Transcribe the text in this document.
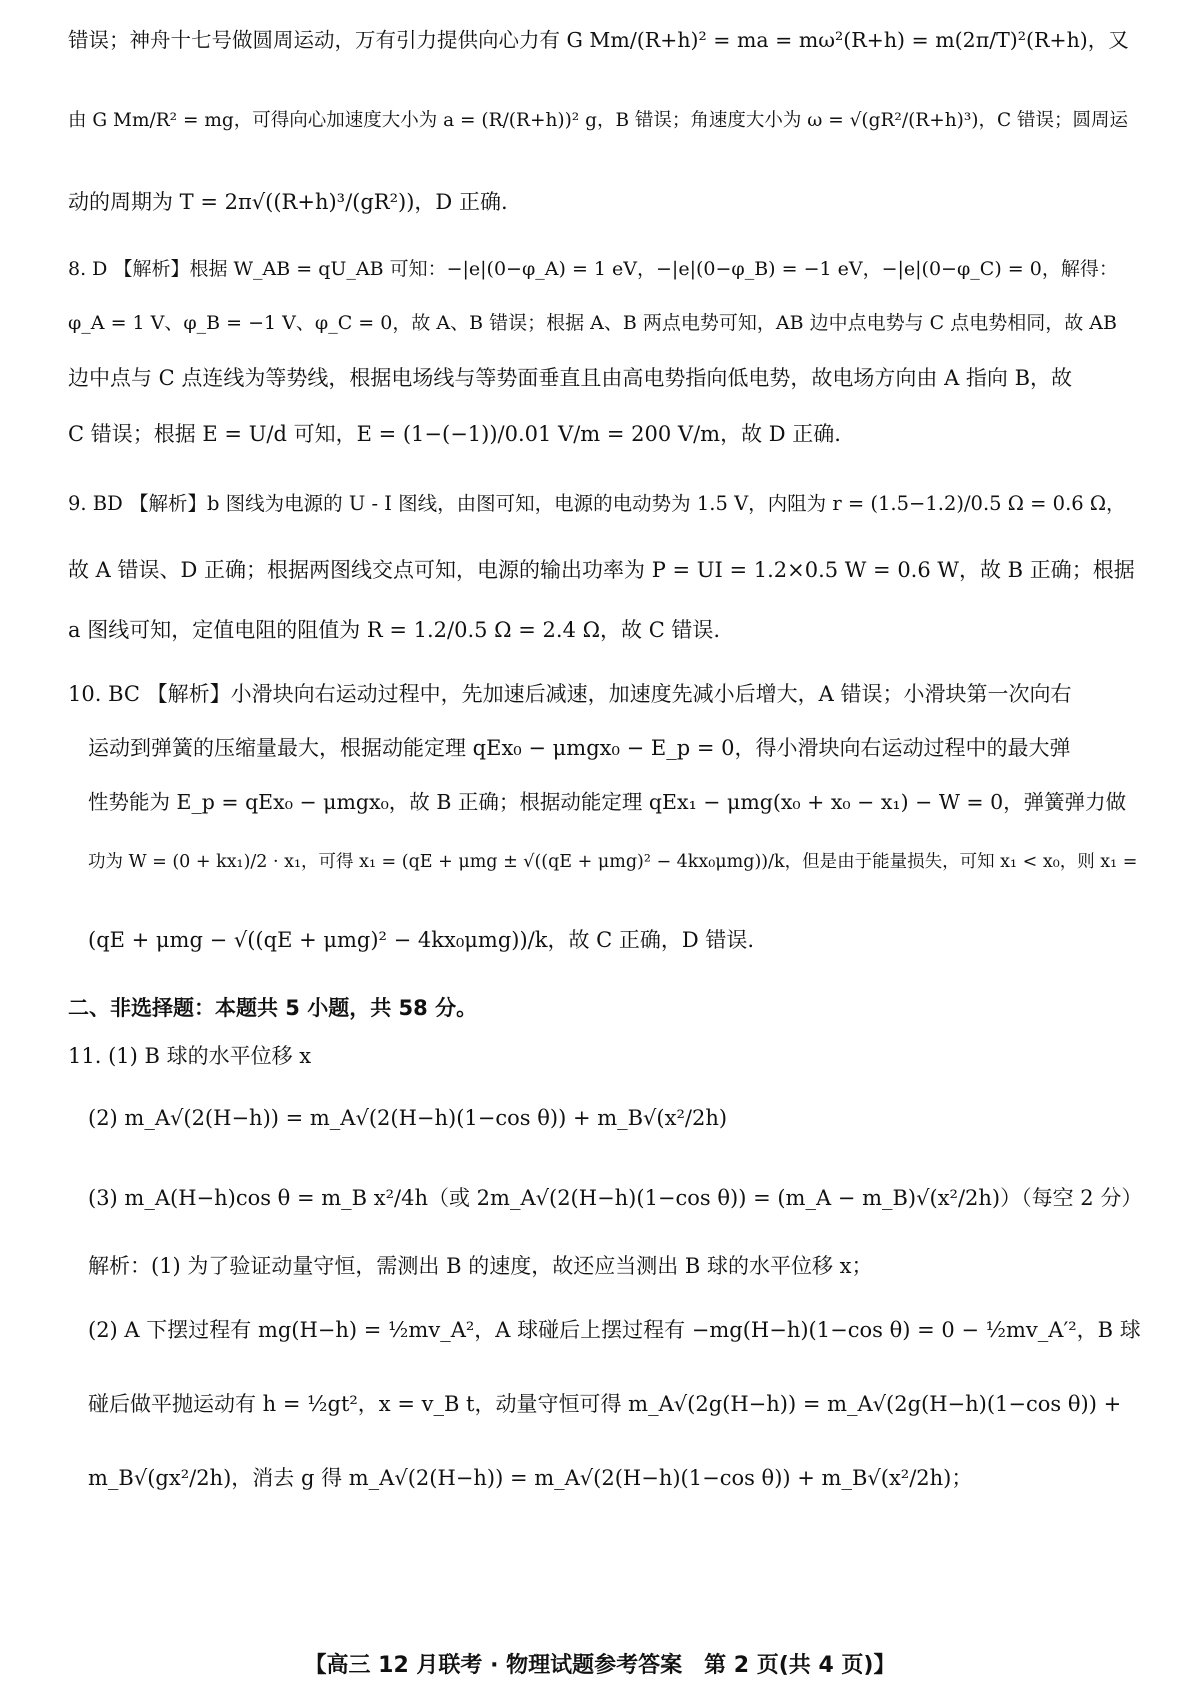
错误；神舟十七号做圆周运动，万有引力提供向心力有 G Mm/(R+h)² = ma = mω²(R+h) = m(2π/T)²(R+h)，又
由 G Mm/R² = mg，可得向心加速度大小为 a = (R/(R+h))² g，B 错误；角速度大小为 ω = √(gR²/(R+h)³)，C 错误；圆周运
动的周期为 T = 2π√((R+h)³/(gR²))，D 正确.
8. D 【解析】根据 W_AB = qU_AB 可知：−|e|(0−φ_A) = 1 eV，−|e|(0−φ_B) = −1 eV，−|e|(0−φ_C) = 0，解得：
φ_A = 1 V、φ_B = −1 V、φ_C = 0，故 A、B 错误；根据 A、B 两点电势可知，AB 边中点电势与 C 点电势相同，故 AB
边中点与 C 点连线为等势线，根据电场线与等势面垂直且由高电势指向低电势，故电场方向由 A 指向 B，故
C 错误；根据 E = U/d 可知，E = (1−(−1))/0.01 V/m = 200 V/m，故 D 正确.
9. BD 【解析】b 图线为电源的 U - I 图线，由图可知，电源的电动势为 1.5 V，内阻为 r = (1.5−1.2)/0.5 Ω = 0.6 Ω，
故 A 错误、D 正确；根据两图线交点可知，电源的输出功率为 P = UI = 1.2×0.5 W = 0.6 W，故 B 正确；根据
a 图线可知，定值电阻的阻值为 R = 1.2/0.5 Ω = 2.4 Ω，故 C 错误.
10. BC 【解析】小滑块向右运动过程中，先加速后减速，加速度先减小后增大，A 错误；小滑块第一次向右
运动到弹簧的压缩量最大，根据动能定理 qEx₀ − μmgx₀ − E_p = 0，得小滑块向右运动过程中的最大弹
性势能为 E_p = qEx₀ − μmgx₀，故 B 正确；根据动能定理 qEx₁ − μmg(x₀ + x₀ − x₁) − W = 0，弹簧弹力做
功为 W = (0 + kx₁)/2 · x₁，可得 x₁ = (qE + μmg ± √((qE + μmg)² − 4kx₀μmg))/k，但是由于能量损失，可知 x₁ < x₀，则 x₁ =
(qE + μmg − √((qE + μmg)² − 4kx₀μmg))/k，故 C 正确，D 错误.
二、非选择题：本题共 5 小题，共 58 分。
11. (1) B 球的水平位移 x
(2) m_A√(2(H−h)) = m_A√(2(H−h)(1−cos θ)) + m_B√(x²/2h)
(3) m_A(H−h)cos θ = m_B x²/4h（或 2m_A√(2(H−h)(1−cos θ)) = (m_A − m_B)√(x²/2h)）（每空 2 分）
解析：(1) 为了验证动量守恒，需测出 B 的速度，故还应当测出 B 球的水平位移 x；
(2) A 下摆过程有 mg(H−h) = ½mv_A²，A 球碰后上摆过程有 −mg(H−h)(1−cos θ) = 0 − ½mv_A′²，B 球
碰后做平抛运动有 h = ½gt²，x = v_B t，动量守恒可得 m_A√(2g(H−h)) = m_A√(2g(H−h)(1−cos θ)) +
m_B√(gx²/2h)，消去 g 得 m_A√(2(H−h)) = m_A√(2(H−h)(1−cos θ)) + m_B√(x²/2h)；
【高三 12 月联考 · 物理试题参考答案　第 2 页(共 4 页)】
